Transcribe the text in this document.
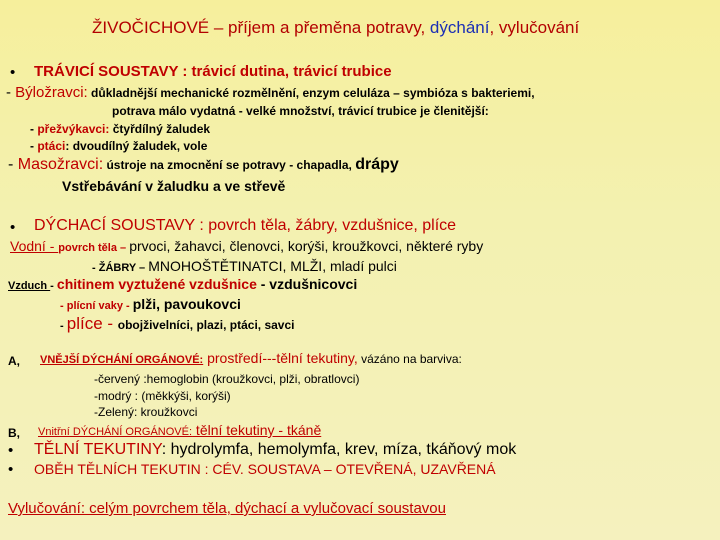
ŽIVOČICHOVÉ – příjem a přeměna potravy, dýchání, vylučování
• TRÁVICÍ SOUSTAVY : trávicí dutina, trávicí trubice
- Býložravci: důkladnější mechanické rozmělnění, enzym celuláza – symbióza s bakteriemi,
potrava málo vydatná - velké množství, trávicí trubice je členitější:
- přežvýkavci: čtyřdílný žaludek
- ptáci: dvoudílný žaludek, vole
- Masožravci: ústroje na zmocnění se potravy - chapadla, drápy
Vstřebávání v žaludku a ve střevě
• DÝCHACÍ SOUSTAVY : povrch těla, žábry, vzdušnice, plíce
Vodní - povrch těla – prvoci, žahavci, členovci, korýši, kroužkovci, některé ryby
- ŽÁBRY – MNOHOŠTĚTINATCI, MLŽI, mladí pulci
Vzduch - chitinem vyztužené vzdušnice - vzdušnicovci
- plícní vaky - plži, pavoukovci
- plíce - obojživelníci, plazi, ptáci, savci
A, VNĚJŠÍ DÝCHÁNÍ ORGÁNOVÉ: prostředí---tělní tekutiny, vázáno na barviva:
-červený :hemoglobin (kroužkovci, plži, obratlovci)
-modrý : (měkkýši, korýši)
-Zelený: kroužkovci
B, Vnitřní DÝCHÁNÍ ORGÁNOVÉ: tělní tekutiny - tkáně
• TĚLNÍ TEKUTINY: hydrolymfa, hemolymfa, krev, míza, tkáňový mok
• OBĚH TĚLNÍCH TEKUTIN : CÉV. SOUSTAVA – OTEVŘENÁ, UZAVŘENÁ
Vylučování: celým povrchem těla, dýchací a vylučovací soustavou
